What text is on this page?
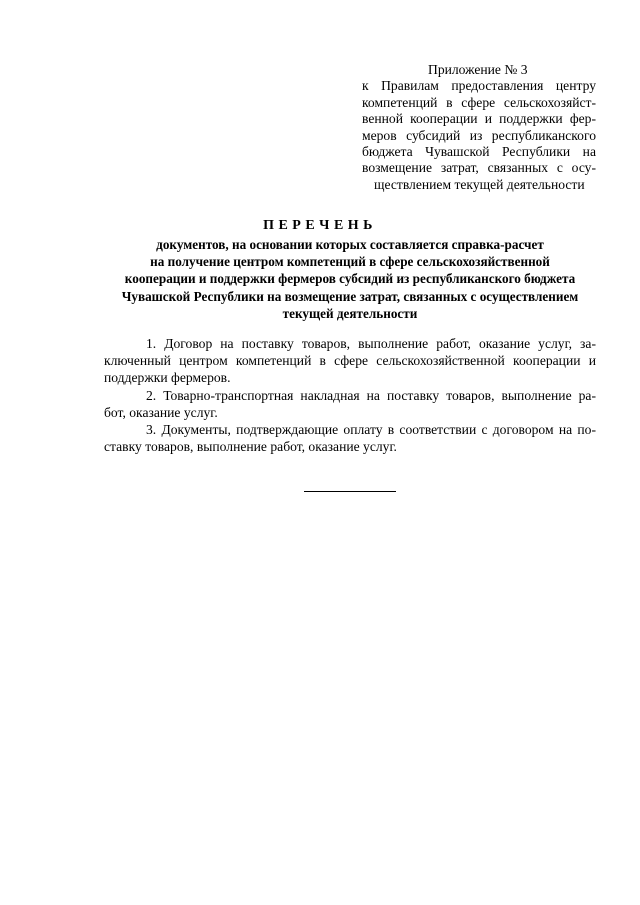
Приложение № 3
к Правилам предоставления центру
компетенций в сфере сельскохозяйст-
венной кооперации и поддержки фер-
меров субсидий из республиканского
бюджета Чувашской Республики на
возмещение затрат, связанных с осу-
ществлением текущей деятельности
ПЕРЕЧЕНЬ
документов, на основании которых составляется справка-расчет
на получение центром компетенций в сфере сельскохозяйственной
кооперации и поддержки фермеров субсидий из республиканского бюджета
Чувашской Республики на возмещение затрат, связанных с осуществлением
текущей деятельности
1. Договор на поставку товаров, выполнение работ, оказание услуг, за-
ключенный центром компетенций в сфере сельскохозяйственной кооперации и
поддержки фермеров.
2. Товарно-транспортная накладная на поставку товаров, выполнение ра-
бот, оказание услуг.
3. Документы, подтверждающие оплату в соответствии с договором на по-
ставку товаров, выполнение работ, оказание услуг.
